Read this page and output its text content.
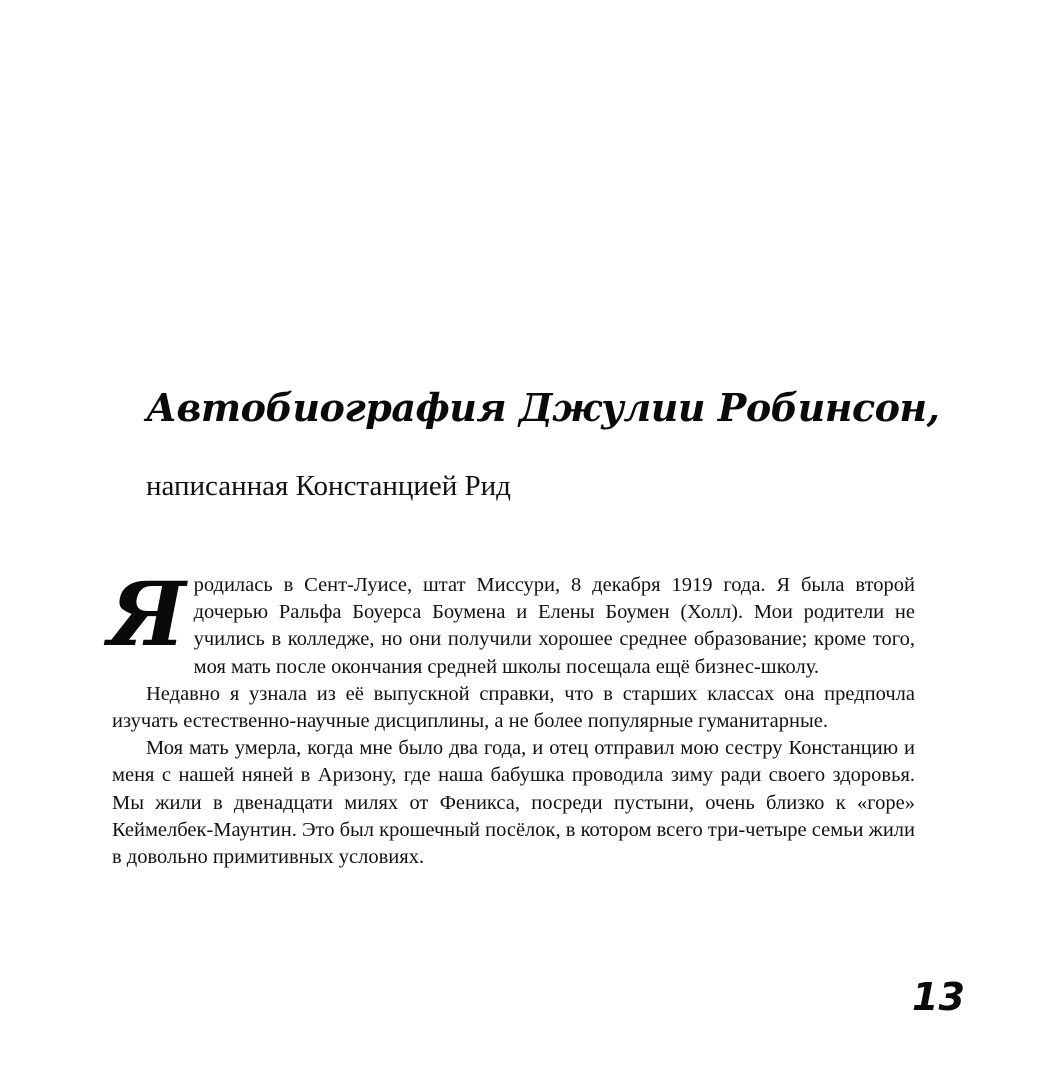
Автобиография Джулии Робинсон,
написанная Констанцией Рид

Яродилась в Сент-Луисе, штат Миссури, 8 декабря 1919 года. Я была второй дочерью Ральфа Боуерса Боумена и Елены Боумен (Холл). Мои родители не учились в колледже, но они получили хорошее среднее образование; кроме того, моя мать после окончания средней школы посещала ещё бизнес-школу.

Недавно я узнала из её выпускной справки, что в старших классах она предпочла изучать естественно-научные дисциплины, а не более популярные гуманитарные.

Моя мать умерла, когда мне было два года, и отец отправил мою сестру Констанцию и меня с нашей няней в Аризону, где наша бабушка проводила зиму ради своего здоровья. Мы жили в двенадцати милях от Феникса, посреди пустыни, очень близко к «горе» Кеймелбек-Маунтин. Это был крошечный посёлок, в котором всего три-четыре семьи жили в довольно примитивных условиях.

13
